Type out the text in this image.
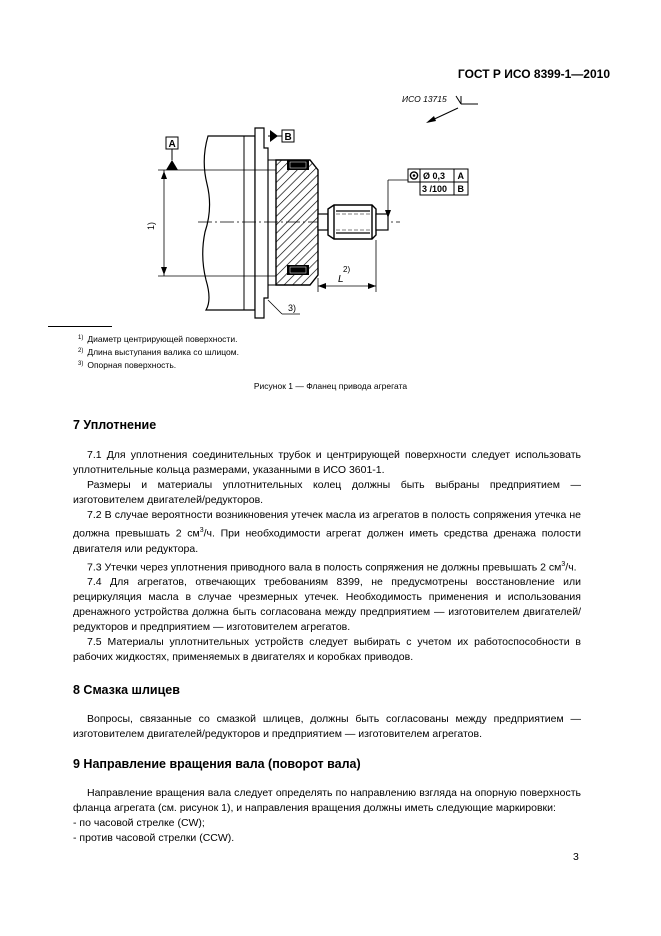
ГОСТ Р ИСО 8399-1—2010
ИСО 13715
A
B
1)
Ø 0,3 A
3 /100 B
L
2)
3)
$^{1)}$ Диаметр центрирующей поверхности.
$^{2)}$ Длина выступания валика со шлицом.
$^{3)}$ Опорная поверхность.
Рисунок 1 — Фланец привода агрегата
7 Уплотнение

7.1 Для уплотнения соединительных трубок и центрирующей поверхности следует использовать уплотнительные кольца размерами, указанными в ИСО 3601-1.

Размеры и материалы уплотнительных колец должны быть выбраны предприятием — изготовителем двигателей/редукторов.

7.2 В случае вероятности возникновения утечек масла из агрегатов в полость сопряжения утечка не должна превышать 2 $см^3/ч$. При необходимости агрегат должен иметь средства дренажа полости двигателя или редуктора.

7.3 Утечки через уплотнения приводного вала в полость сопряжения не должны превышать 2 $см^3/ч$.

7.4 Для агрегатов, отвечающих требованиям 8399, не предусмотрены восстановление или рециркуляция масла в случае чрезмерных утечек. Необходимость применения и использования дренажного устройства должна быть согласована между предприятием — изготовителем двигателей/редукторов и предприятием — изготовителем агрегатов.

7.5 Материалы уплотнительных устройств следует выбирать с учетом их работоспособности в рабочих жидкостях, применяемых в двигателях и коробках приводов.

8 Смазка шлицев

Вопросы, связанные со смазкой шлицев, должны быть согласованы между предприятием — изготовителем двигателей/редукторов и предприятием — изготовителем агрегатов.

9 Направление вращения вала (поворот вала)

Направление вращения вала следует определять по направлению взгляда на опорную поверхность фланца агрегата (см. рисунок 1), и направления вращения должны иметь следующие маркировки:

- по часовой стрелке (CW);

- против часовой стрелки (CCW).

3
